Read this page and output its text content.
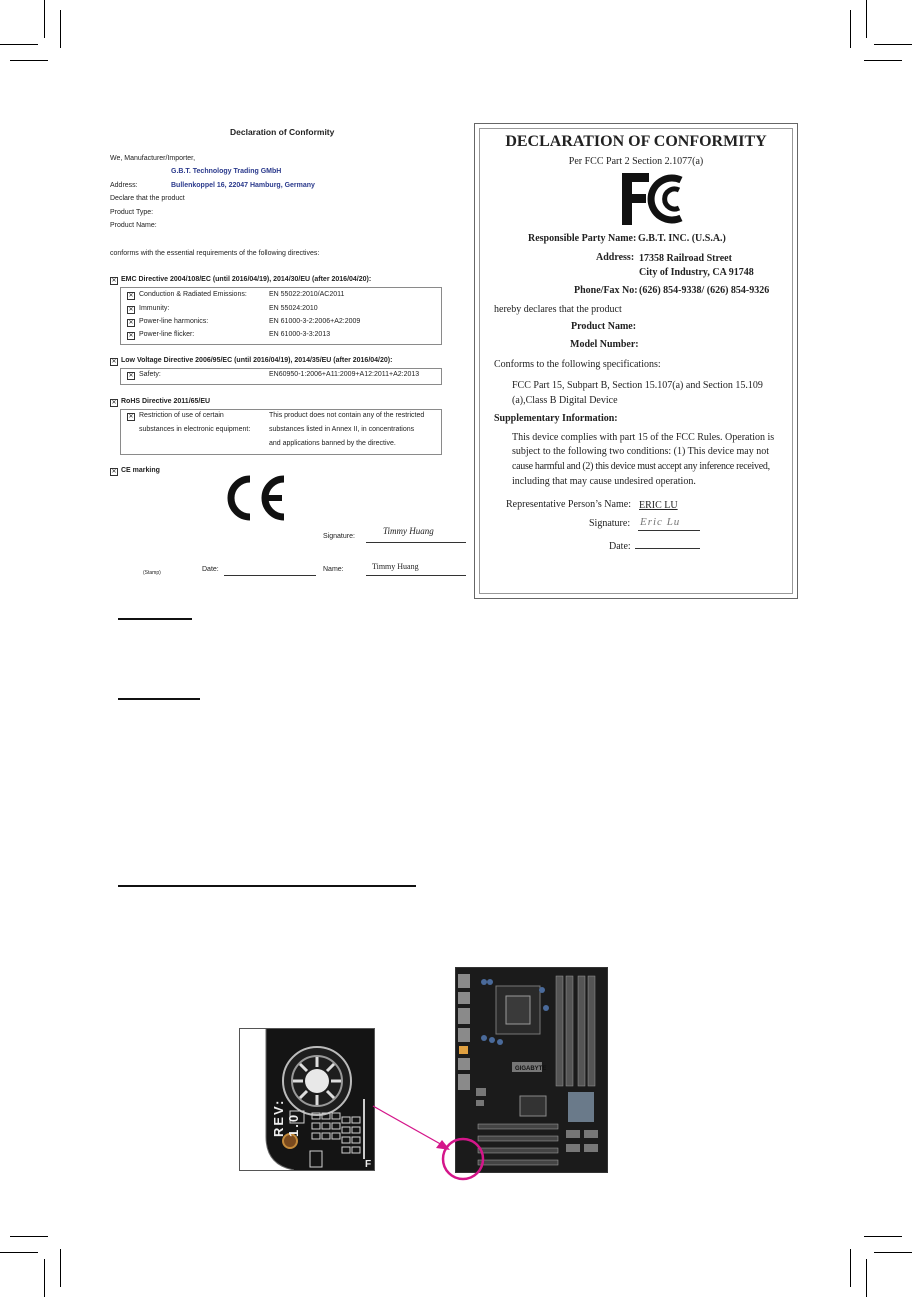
Declaration of Conformity
We, Manufacturer/Importer,
G.B.T. Technology Trading GMbH
Address:	Bullenkoppel 16, 22047 Hamburg, Germany
Declare that the product
Product Type:
Product Name:
conforms with the essential requirements of the following directives:
✕ EMC Directive 2004/108/EC (until 2016/04/19), 2014/30/EU (after 2016/04/20):
✕ Conduction & Radiated Emissions:	EN 55022:2010/AC2011
✕ Immunity:	EN 55024:2010
✕ Power-line harmonics:	EN 61000-3-2:2006+A2:2009
✕ Power-line flicker:	EN 61000-3-3:2013
✕ Low Voltage Directive 2006/95/EC (until 2016/04/19), 2014/35/EU (after 2016/04/20):
✕ Safety:	EN60950-1:2006+A11:2009+A12:2011+A2:2013
✕ RoHS Directive 2011/65/EU
✕ Restriction of use of certain
substances in electronic equipment:
This product does not contain any of the restricted
substances listed in Annex II, in concentrations
and applications banned by the directive.
✕ CE marking
Signature:
Timmy Huang
(Stamp)	Date:	Name:	Timmy Huang
DECLARATION OF CONFORMITY
Per FCC Part 2 Section 2.1077(a)
Responsible Party Name: G.B.T. INC. (U.S.A.)
Address: 17358 Railroad Street
City of Industry, CA 91748
Phone/Fax No: (626) 854-9338/ (626) 854-9326
hereby declares that the product
Product Name:
Model Number:
Conforms to the following specifications:
FCC Part 15, Subpart B, Section 15.107(a) and Section 15.109
(a),Class B Digital Device
Supplementary Information:
This device complies with part 15 of the FCC Rules. Operation is
subject to the following two conditions: (1) This device may not
cause harmful and (2) this device must accept any inference received,
including that may cause undesired operation.
Representative Person’s Name: ERIC LU
Signature: Eric Lu
Date:
F
REV: 1.0
GIGABYTE
